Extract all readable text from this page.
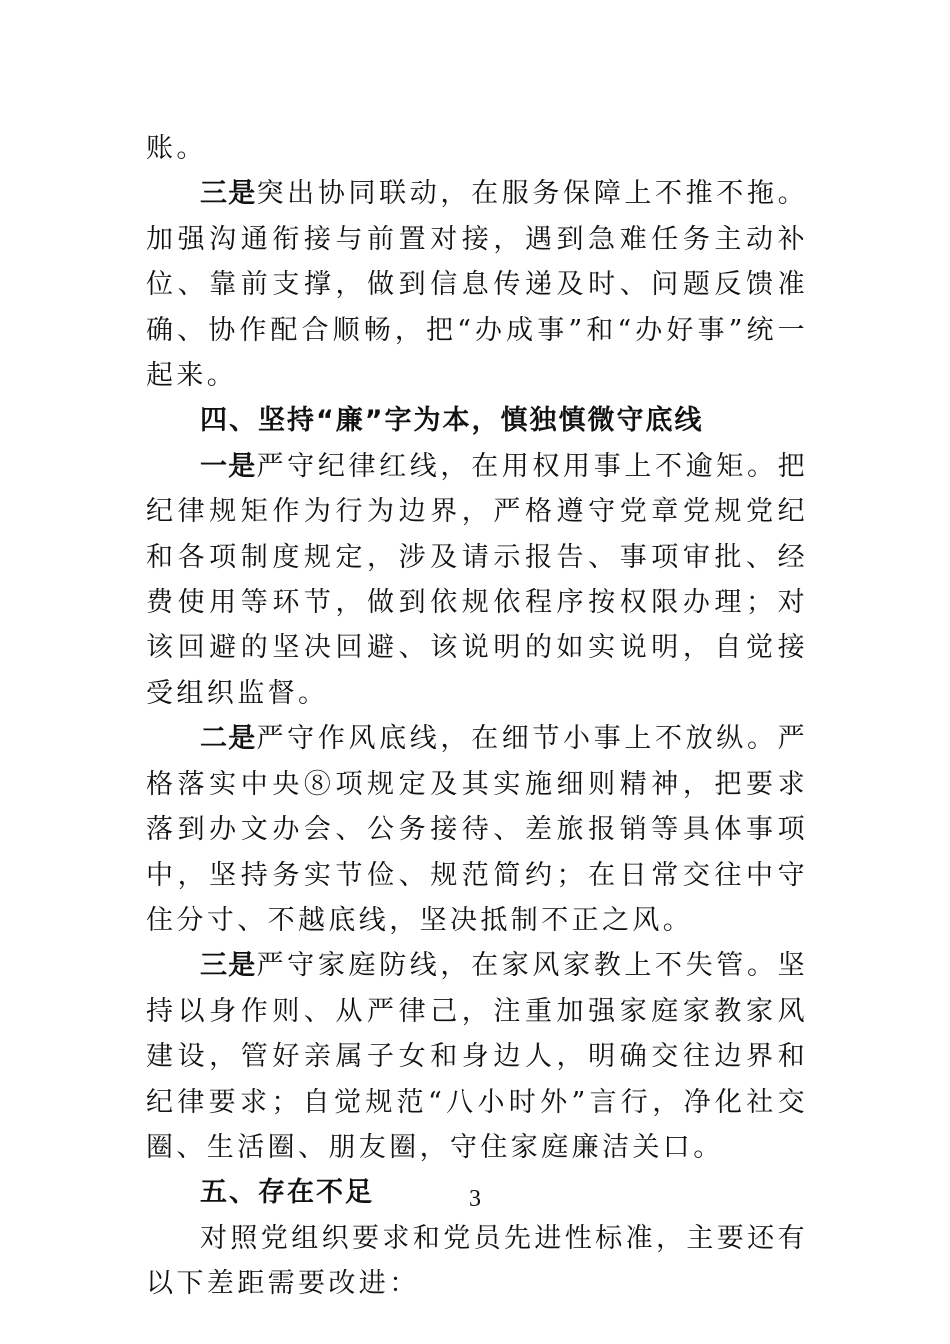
账。

三是突出协同联动，在服务保障上不推不拖。加强沟通衔接与前置对接，遇到急难任务主动补位、靠前支撑，做到信息传递及时、问题反馈准确、协作配合顺畅，把“办成事”和“办好事”统一起来。

四、坚持“廉”字为本，慎独慎微守底线

一是严守纪律红线，在用权用事上不逾矩。把纪律规矩作为行为边界，严格遵守党章党规党纪和各项制度规定，涉及请示报告、事项审批、经费使用等环节，做到依规依程序按权限办理；对该回避的坚决回避、该说明的如实说明，自觉接受组织监督。

二是严守作风底线，在细节小事上不放纵。严格落实中央⑧项规定及其实施细则精神，把要求落到办文办会、公务接待、差旅报销等具体事项中，坚持务实节俭、规范简约；在日常交往中守住分寸、不越底线，坚决抵制不正之风。

三是严守家庭防线，在家风家教上不失管。坚持以身作则、从严律己，注重加强家庭家教家风建设，管好亲属子女和身边人，明确交往边界和纪律要求；自觉规范“八小时外”言行，净化社交圈、生活圈、朋友圈，守住家庭廉洁关口。

五、存在不足

对照党组织要求和党员先进性标准，主要还有以下差距需要改进：

3
